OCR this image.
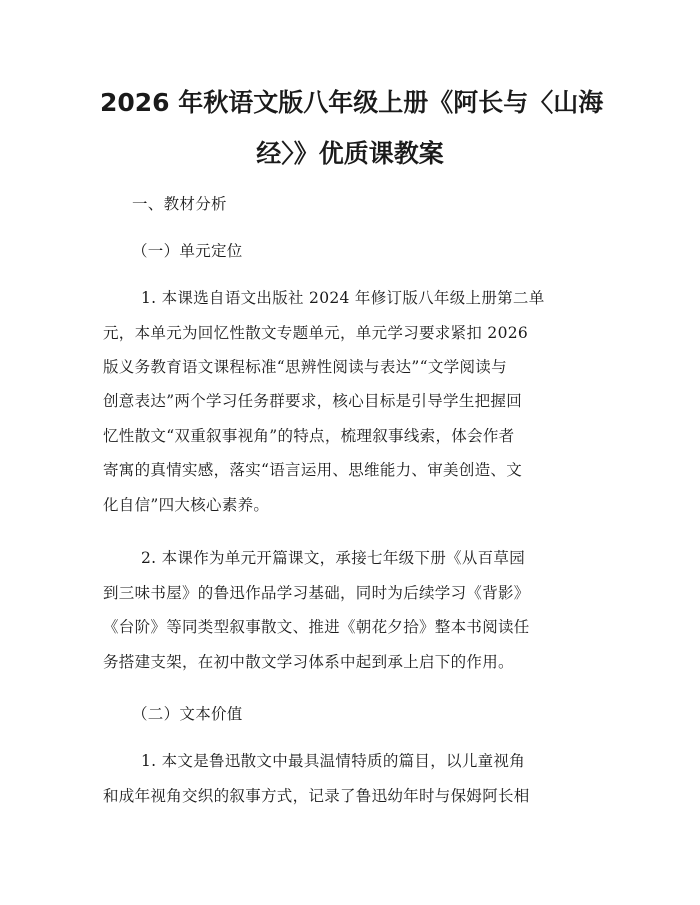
2026 年秋语文版八年级上册《阿长与〈山海
经〉》优质课教案
一、教材分析
（一）单元定位
1. 本课选自语文出版社 2024 年修订版八年级上册第二单
元，本单元为回忆性散文专题单元，单元学习要求紧扣 2026
版义务教育语文课程标准“思辨性阅读与表达”“文学阅读与
创意表达”两个学习任务群要求，核心目标是引导学生把握回
忆性散文“双重叙事视角”的特点，梳理叙事线索，体会作者
寄寓的真情实感，落实“语言运用、思维能力、审美创造、文
化自信”四大核心素养。
2. 本课作为单元开篇课文，承接七年级下册《从百草园
到三味书屋》的鲁迅作品学习基础，同时为后续学习《背影》
《台阶》等同类型叙事散文、推进《朝花夕拾》整本书阅读任
务搭建支架，在初中散文学习体系中起到承上启下的作用。
（二）文本价值
1. 本文是鲁迅散文中最具温情特质的篇目，以儿童视角
和成年视角交织的叙事方式，记录了鲁迅幼年时与保姆阿长相
